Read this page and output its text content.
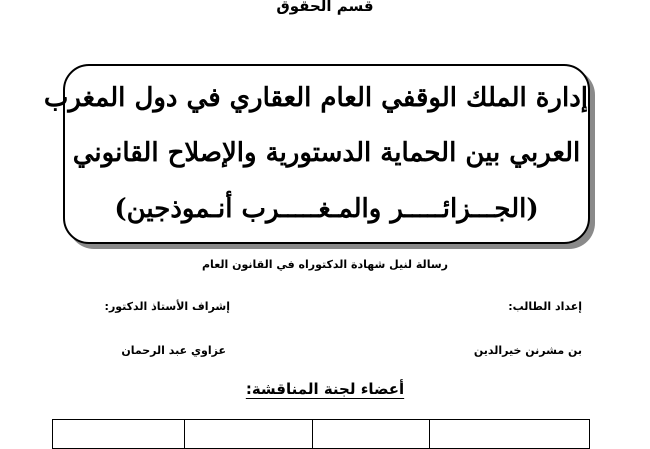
قسم الحقوق
إدارة الملك الوقفي العام العقاري في دول المغرب
العربي بين الحماية الدستورية والإصلاح القانوني
(الجـــزائـــــر والمـغـــــرب أنـموذجين)
رسالة لنيل شهادة الدكتوراه في القانون العام
إعداد الطالب:
بن مشرنن خيرالدين
إشراف الأستاذ الدكتور:
عزاوي عبد الرحمان
أعضاء لجنة المناقشة:
